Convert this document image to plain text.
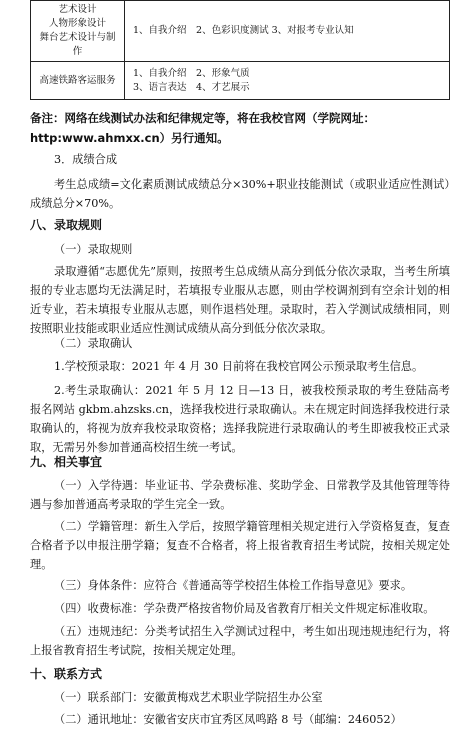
艺术设计
人物形象设计
舞台艺术设计与制作	1、自我介绍　2、色彩识度测试 3、对报考专业认知

高速铁路客运服务	1、自我介绍　2、形象气质
3、语言表达　4、才艺展示
备注：网络在线测试办法和纪律规定等，将在我校官网（学院网址：http:www.ahmxx.cn）另行通知。
3．成绩合成
考生总成绩=文化素质测试成绩总分×30%+职业技能测试（或职业适应性测试）成绩总分×70%。
八、录取规则
（一）录取规则
录取遵循“志愿优先”原则，按照考生总成绩从高分到低分依次录取，当考生所填报的专业志愿均无法满足时，若填报专业服从志愿，则由学校调剂到有空余计划的相近专业，若未填报专业服从志愿，则作退档处理。录取时，若入学测试成绩相同，则按照职业技能或职业适应性测试成绩从高分到低分依次录取。
（二）录取确认
1.学校预录取：2021 年 4 月 30 日前将在我校官网公示预录取考生信息。
2.考生录取确认：2021 年 5 月 12 日—13 日，被我校预录取的考生登陆高考报名网站 gkbm.ahzsks.cn，选择我校进行录取确认。未在规定时间选择我校进行录取确认的，将视为放弃我校录取资格；选择我院进行录取确认的考生即被我校正式录取，无需另外参加普通高校招生统一考试。
九、相关事宜
（一）入学待遇：毕业证书、学杂费标准、奖助学金、日常教学及其他管理等待遇与参加普通高考录取的学生完全一致。
（二）学籍管理：新生入学后，按照学籍管理相关规定进行入学资格复查，复查合格者予以申报注册学籍；复查不合格者，将上报省教育招生考试院，按相关规定处理。
（三）身体条件：应符合《普通高等学校招生体检工作指导意见》要求。
（四）收费标准：学杂费严格按省物价局及省教育厅相关文件规定标准收取。
（五）违规违纪：分类考试招生入学测试过程中，考生如出现违规违纪行为，将上报省教育招生考试院，按相关规定处理。
十、联系方式
（一）联系部门：安徽黄梅戏艺术职业学院招生办公室
（二）通讯地址：安徽省安庆市宜秀区凤鸣路 8 号（邮编：246052）
